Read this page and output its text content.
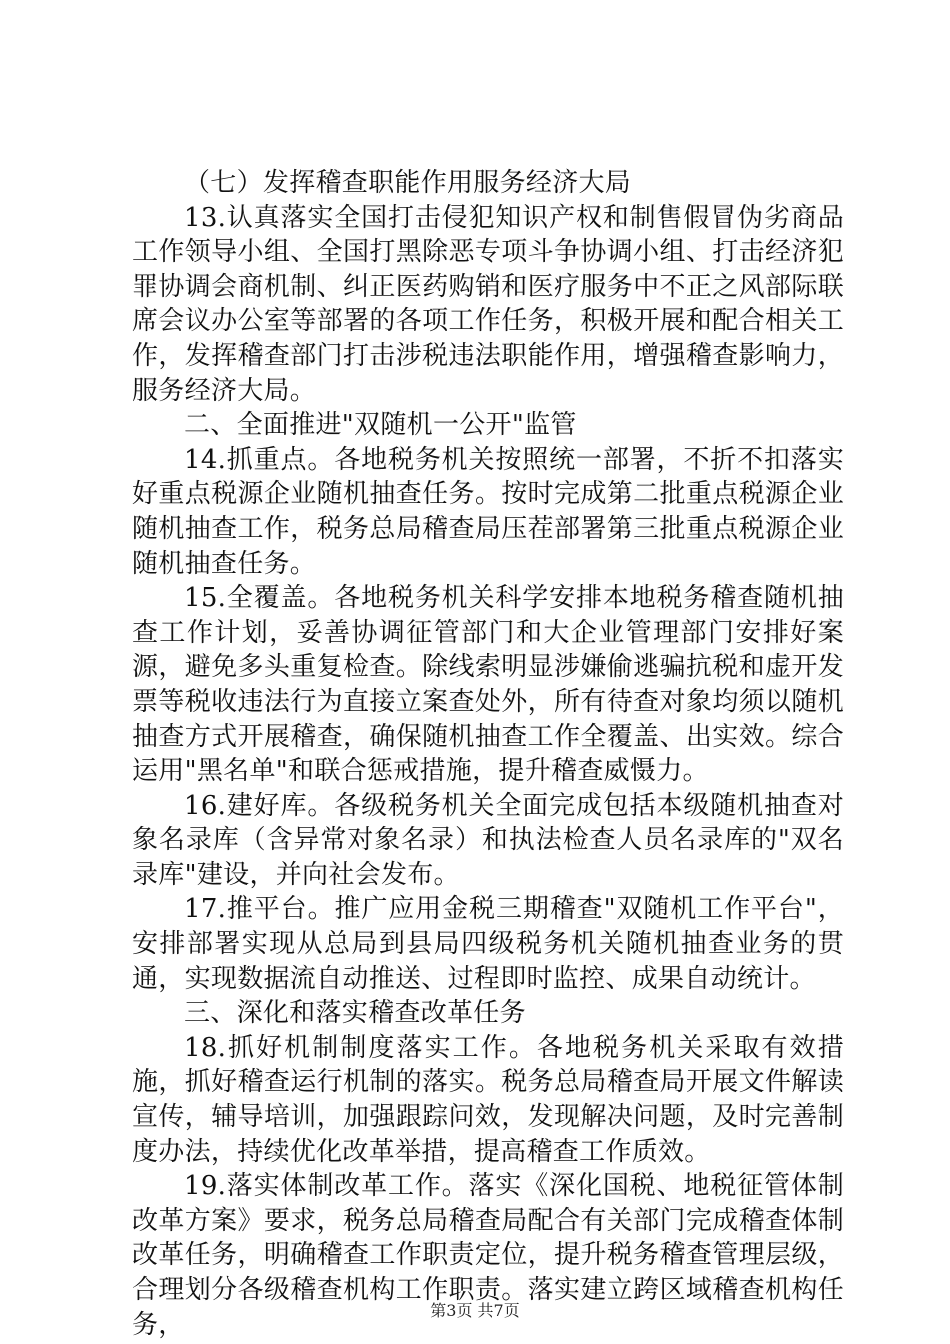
（七）发挥稽查职能作用服务经济大局

13.认真落实全国打击侵犯知识产权和制售假冒伪劣商品工作领导小组、全国打黑除恶专项斗争协调小组、打击经济犯罪协调会商机制、纠正医药购销和医疗服务中不正之风部际联席会议办公室等部署的各项工作任务，积极开展和配合相关工作，发挥稽查部门打击涉税违法职能作用，增强稽查影响力，服务经济大局。

二、全面推进"双随机一公开"监管

14.抓重点。各地税务机关按照统一部署，不折不扣落实好重点税源企业随机抽查任务。按时完成第二批重点税源企业随机抽查工作，税务总局稽查局压茬部署第三批重点税源企业随机抽查任务。

15.全覆盖。各地税务机关科学安排本地税务稽查随机抽查工作计划，妥善协调征管部门和大企业管理部门安排好案源，避免多头重复检查。除线索明显涉嫌偷逃骗抗税和虚开发票等税收违法行为直接立案查处外，所有待查对象均须以随机抽查方式开展稽查，确保随机抽查工作全覆盖、出实效。综合运用"黑名单"和联合惩戒措施，提升稽查威慑力。

16.建好库。各级税务机关全面完成包括本级随机抽查对象名录库（含异常对象名录）和执法检查人员名录库的"双名录库"建设，并向社会发布。

17.推平台。推广应用金税三期稽查"双随机工作平台"，安排部署实现从总局到县局四级税务机关随机抽查业务的贯通，实现数据流自动推送、过程即时监控、成果自动统计。

三、深化和落实稽查改革任务

18.抓好机制制度落实工作。各地税务机关采取有效措施，抓好稽查运行机制的落实。税务总局稽查局开展文件解读宣传，辅导培训，加强跟踪问效，发现解决问题，及时完善制度办法，持续优化改革举措，提高稽查工作质效。

19.落实体制改革工作。落实《深化国税、地税征管体制改革方案》要求，税务总局稽查局配合有关部门完成稽查体制改革任务，明确稽查工作职责定位，提升税务稽查管理层级，合理划分各级稽查机构工作职责。落实建立跨区域稽查机构任务，	第3页 共7页
